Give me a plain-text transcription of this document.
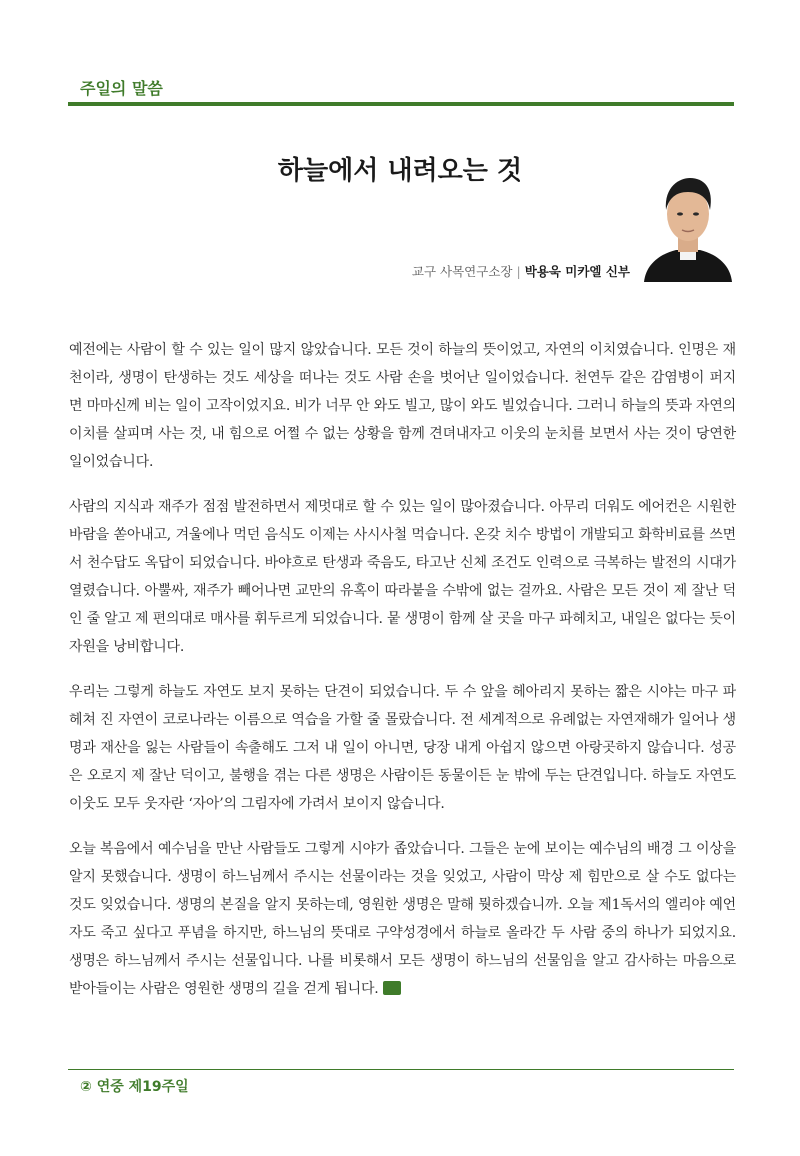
주일의 말씀
하늘에서 내려오는 것
교구 사목연구소장 | 박용욱 미카엘 신부

예전에는 사람이 할 수 있는 일이 많지 않았습니다. 모든 것이 하늘의 뜻이었고, 자연의 이치였습니다. 인명은 재천이라, 생명이 탄생하는 것도 세상을 떠나는 것도 사람 손을 벗어난 일이었습니다. 천연두 같은 감염병이 퍼지면 마마신께 비는 일이 고작이었지요. 비가 너무 안 와도 빌고, 많이 와도 빌었습니다. 그러니 하늘의 뜻과 자연의 이치를 살피며 사는 것, 내 힘으로 어쩔 수 없는 상황을 함께 견뎌내자고 이웃의 눈치를 보면서 사는 것이 당연한 일이었습니다.

사람의 지식과 재주가 점점 발전하면서 제멋대로 할 수 있는 일이 많아졌습니다. 아무리 더워도 에어컨은 시원한 바람을 쏟아내고, 겨울에나 먹던 음식도 이제는 사시사철 먹습니다. 온갖 치수 방법이 개발되고 화학비료를 쓰면서 천수답도 옥답이 되었습니다. 바야흐로 탄생과 죽음도, 타고난 신체 조건도 인력으로 극복하는 발전의 시대가 열렸습니다. 아뿔싸, 재주가 빼어나면 교만의 유혹이 따라붙을 수밖에 없는 걸까요. 사람은 모든 것이 제 잘난 덕인 줄 알고 제 편의대로 매사를 휘두르게 되었습니다. 뭍 생명이 함께 살 곳을 마구 파헤치고, 내일은 없다는 듯이 자원을 낭비합니다.

우리는 그렇게 하늘도 자연도 보지 못하는 단견이 되었습니다. 두 수 앞을 헤아리지 못하는 짧은 시야는 마구 파헤쳐 진 자연이 코로나라는 이름으로 역습을 가할 줄 몰랐습니다. 전 세계적으로 유례없는 자연재해가 일어나 생명과 재산을 잃는 사람들이 속출해도 그저 내 일이 아니면, 당장 내게 아쉽지 않으면 아랑곳하지 않습니다. 성공은 오로지 제 잘난 덕이고, 불행을 겪는 다른 생명은 사람이든 동물이든 눈 밖에 두는 단견입니다. 하늘도 자연도 이웃도 모두 웃자란 ‘자아’의 그림자에 가려서 보이지 않습니다.

오늘 복음에서 예수님을 만난 사람들도 그렇게 시야가 좁았습니다. 그들은 눈에 보이는 예수님의 배경 그 이상을 알지 못했습니다. 생명이 하느님께서 주시는 선물이라는 것을 잊었고, 사람이 막상 제 힘만으로 살 수도 없다는 것도 잊었습니다. 생명의 본질을 알지 못하는데, 영원한 생명은 말해 뭣하겠습니까. 오늘 제1독서의 엘리야 예언자도 죽고 싶다고 푸념을 하지만, 하느님의 뜻대로 구약성경에서 하늘로 올라간 두 사람 중의 하나가 되었지요. 생명은 하느님께서 주시는 선물입니다. 나를 비롯해서 모든 생명이 하느님의 선물임을 알고 감사하는 마음으로 받아들이는 사람은 영원한 생명의 길을 걷게 됩니다.

② 연중 제19주일
